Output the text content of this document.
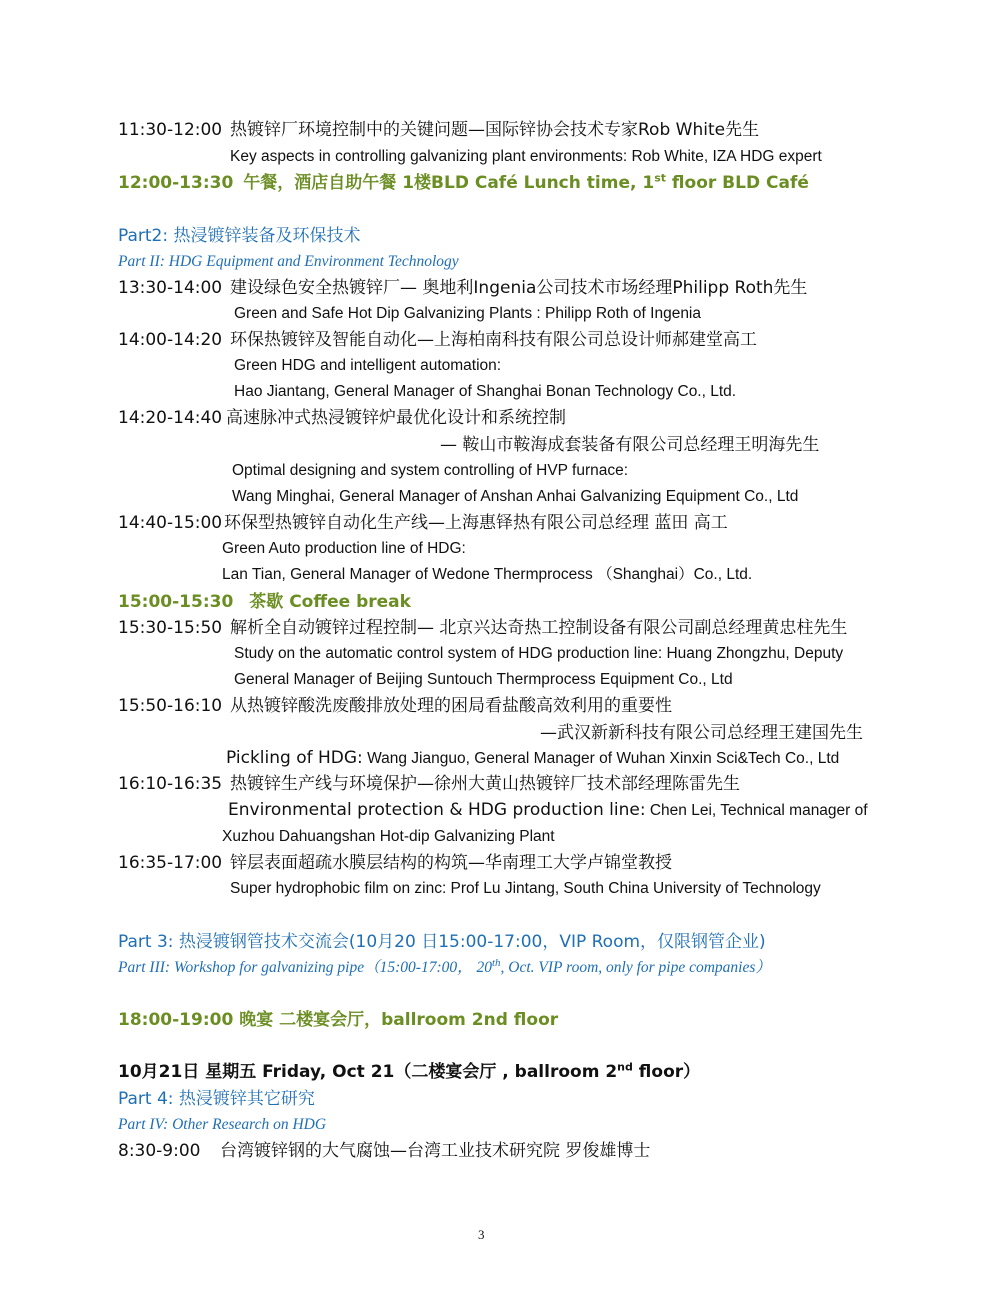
11:30-12:00 热镀锌厂环境控制中的关键问题—国际锌协会技术专家Rob White先生
Key aspects in controlling galvanizing plant environments: Rob White, IZA HDG expert
12:00-13:30 午餐，酒店自助午餐 1楼BLD Café Lunch time, 1st floor BLD Café
Part2: 热浸镀锌装备及环保技术
Part II: HDG Equipment and Environment Technology
13:30-14:00 建设绿色安全热镀锌厂— 奥地利Ingenia公司技术市场经理Philipp Roth先生
Green and Safe Hot Dip Galvanizing Plants : Philipp Roth of Ingenia
14:00-14:20 环保热镀锌及智能自动化—上海柏南科技有限公司总设计师郝建堂高工
Green HDG and intelligent automation:
Hao Jiantang, General Manager of Shanghai Bonan Technology Co., Ltd.
14:20-14:40 高速脉冲式热浸镀锌炉最优化设计和系统控制
— 鞍山市鞍海成套装备有限公司总经理王明海先生
Optimal designing and system controlling of HVP furnace:
Wang Minghai, General Manager of Anshan Anhai Galvanizing Equipment Co., Ltd
14:40-15:00 环保型热镀锌自动化生产线—上海惠铎热有限公司总经理 蓝田 高工
Green Auto production line of HDG:
Lan Tian, General Manager of Wedone Thermprocess （Shanghai）Co., Ltd.
15:00-15:30 茶歇 Coffee break
15:30-15:50 解析全自动镀锌过程控制— 北京兴达奇热工控制设备有限公司副总经理黄忠柱先生
Study on the automatic control system of HDG production line: Huang Zhongzhu, Deputy
General Manager of Beijing Suntouch Thermprocess Equipment Co., Ltd
15:50-16:10 从热镀锌酸洗废酸排放处理的困局看盐酸高效利用的重要性
—武汉新新科技有限公司总经理王建国先生
Pickling of HDG: Wang Jianguo, General Manager of Wuhan Xinxin Sci&Tech Co., Ltd
16:10-16:35 热镀锌生产线与环境保护—徐州大黄山热镀锌厂技术部经理陈雷先生
Environmental protection & HDG production line: Chen Lei, Technical manager of
Xuzhou Dahuangshan Hot-dip Galvanizing Plant
16:35-17:00 锌层表面超疏水膜层结构的构筑—华南理工大学卢锦堂教授
Super hydrophobic film on zinc: Prof Lu Jintang, South China University of Technology
Part 3: 热浸镀钢管技术交流会(10月20 日15:00-17:00，VIP Room，仅限钢管企业)
Part III: Workshop for galvanizing pipe（15:00-17:00， 20th, Oct. VIP room, only for pipe companies）
18:00-19:00 晚宴 二楼宴会厅，ballroom 2nd floor
10月21日 星期五 Friday, Oct 21（二楼宴会厅 , ballroom 2nd floor）
Part 4: 热浸镀锌其它研究
Part IV: Other Research on HDG
8:30-9:00 台湾镀锌钢的大气腐蚀—台湾工业技术研究院 罗俊雄博士
3
